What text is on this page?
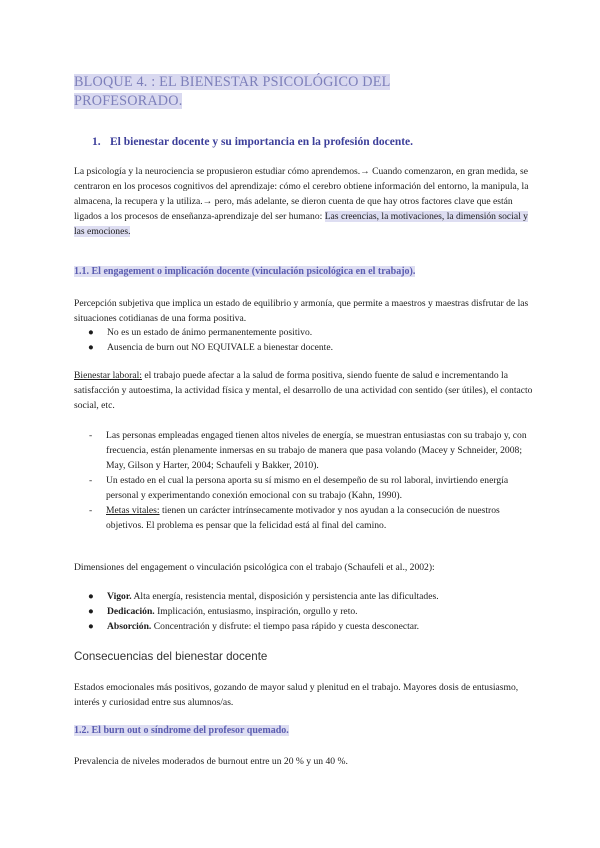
BLOQUE 4. : EL BIENESTAR PSICOLÓGICO DEL PROFESORADO.
1. El bienestar docente y su importancia en la profesión docente.

La psicología y la neurociencia se propusieron estudiar cómo aprendemos.→ Cuando comenzaron, en gran medida, se centraron en los procesos cognitivos del aprendizaje: cómo el cerebro obtiene información del entorno, la manipula, la almacena, la recupera y la utiliza.→ pero, más adelante, se dieron cuenta de que hay otros factores clave que están ligados a los procesos de enseñanza-aprendizaje del ser humano: Las creencias, la motivaciones, la dimensión social y las emociones.

1.1. El engagement o implicación docente (vinculación psicológica en el trabajo).

Percepción subjetiva que implica un estado de equilibrio y armonía, que permite a maestros y maestras disfrutar de las situaciones cotidianas de una forma positiva.

● No es un estado de ánimo permanentemente positivo.

● Ausencia de burn out NO EQUIVALE a bienestar docente.

Bienestar laboral: el trabajo puede afectar a la salud de forma positiva, siendo fuente de salud e incrementando la satisfacción y autoestima, la actividad física y mental, el desarrollo de una actividad con sentido (ser útiles), el contacto social, etc.

- Las personas empleadas engaged tienen altos niveles de energía, se muestran entusiastas con su trabajo y, con frecuencia, están plenamente inmersas en su trabajo de manera que pasa volando (Macey y Schneider, 2008; May, Gilson y Harter, 2004; Schaufeli y Bakker, 2010).

- Un estado en el cual la persona aporta su sí mismo en el desempeño de su rol laboral, invirtiendo energía personal y experimentando conexión emocional con su trabajo (Kahn, 1990).

- Metas vitales: tienen un carácter intrínsecamente motivador y nos ayudan a la consecución de nuestros objetivos. El problema es pensar que la felicidad está al final del camino.

Dimensiones del engagement o vinculación psicológica con el trabajo (Schaufeli et al., 2002):

● Vigor. Alta energía, resistencia mental, disposición y persistencia ante las dificultades.

● Dedicación. Implicación, entusiasmo, inspiración, orgullo y reto.

● Absorción. Concentración y disfrute: el tiempo pasa rápido y cuesta desconectar.

Consecuencias del bienestar docente

Estados emocionales más positivos, gozando de mayor salud y plenitud en el trabajo. Mayores dosis de entusiasmo, interés y curiosidad entre sus alumnos/as.

1.2. El burn out o síndrome del profesor quemado.

Prevalencia de niveles moderados de burnout entre un 20 % y un 40 %.
